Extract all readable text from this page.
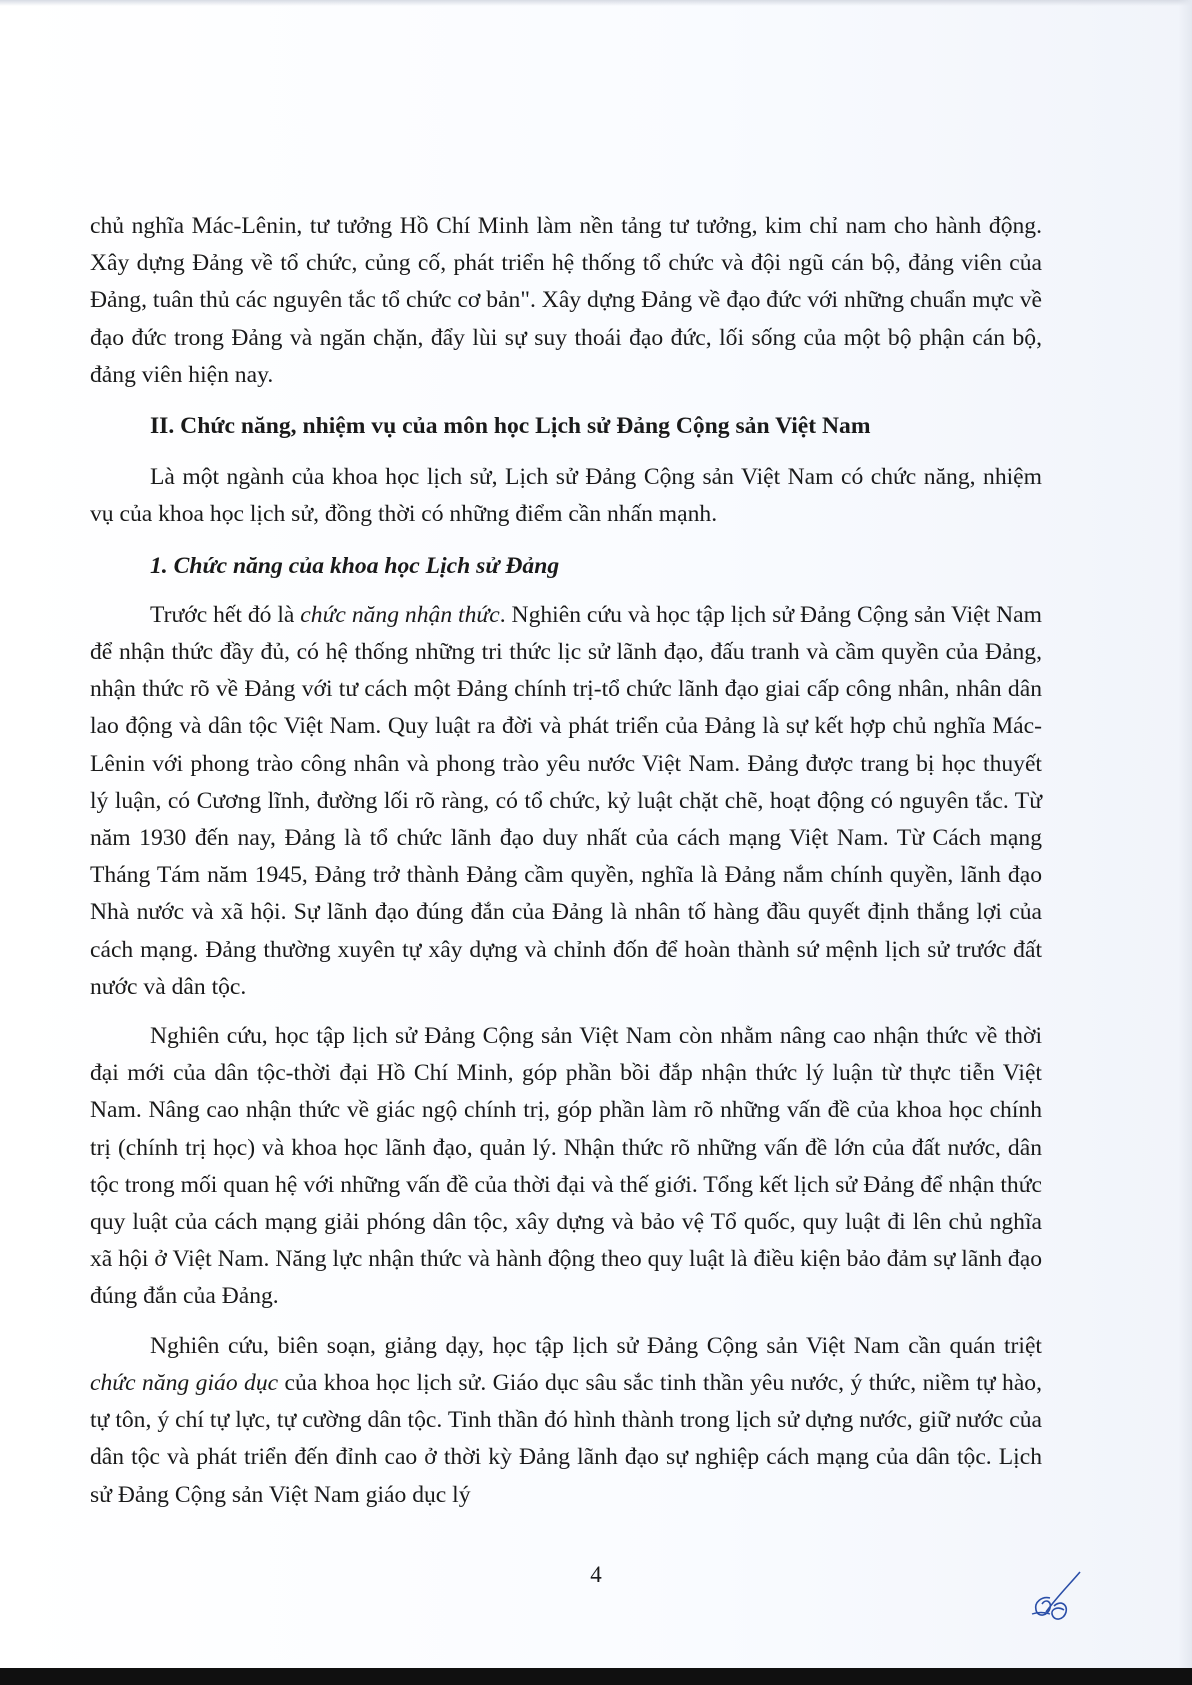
chủ nghĩa Mác-Lênin, tư tưởng Hồ Chí Minh làm nền tảng tư tưởng, kim chỉ nam cho hành động. Xây dựng Đảng về tổ chức, củng cố, phát triển hệ thống tổ chức và đội ngũ cán bộ, đảng viên của Đảng, tuân thủ các nguyên tắc tổ chức cơ bản". Xây dựng Đảng về đạo đức với những chuẩn mực về đạo đức trong Đảng và ngăn chặn, đẩy lùi sự suy thoái đạo đức, lối sống của một bộ phận cán bộ, đảng viên hiện nay.

II. Chức năng, nhiệm vụ của môn học Lịch sử Đảng Cộng sản Việt Nam

Là một ngành của khoa học lịch sử, Lịch sử Đảng Cộng sản Việt Nam có chức năng, nhiệm vụ của khoa học lịch sử, đồng thời có những điểm cần nhấn mạnh.

1. Chức năng của khoa học Lịch sử Đảng

Trước hết đó là chức năng nhận thức. Nghiên cứu và học tập lịch sử Đảng Cộng sản Việt Nam để nhận thức đầy đủ, có hệ thống những tri thức lịc sử lãnh đạo, đấu tranh và cầm quyền của Đảng, nhận thức rõ về Đảng với tư cách một Đảng chính trị-tổ chức lãnh đạo giai cấp công nhân, nhân dân lao động và dân tộc Việt Nam. Quy luật ra đời và phát triển của Đảng là sự kết hợp chủ nghĩa Mác-Lênin với phong trào công nhân và phong trào yêu nước Việt Nam. Đảng được trang bị học thuyết lý luận, có Cương lĩnh, đường lối rõ ràng, có tổ chức, kỷ luật chặt chẽ, hoạt động có nguyên tắc. Từ năm 1930 đến nay, Đảng là tổ chức lãnh đạo duy nhất của cách mạng Việt Nam. Từ Cách mạng Tháng Tám năm 1945, Đảng trở thành Đảng cầm quyền, nghĩa là Đảng nắm chính quyền, lãnh đạo Nhà nước và xã hội. Sự lãnh đạo đúng đắn của Đảng là nhân tố hàng đầu quyết định thắng lợi của cách mạng. Đảng thường xuyên tự xây dựng và chỉnh đốn để hoàn thành sứ mệnh lịch sử trước đất nước và dân tộc.

Nghiên cứu, học tập lịch sử Đảng Cộng sản Việt Nam còn nhằm nâng cao nhận thức về thời đại mới của dân tộc-thời đại Hồ Chí Minh, góp phần bồi đắp nhận thức lý luận từ thực tiễn Việt Nam. Nâng cao nhận thức về giác ngộ chính trị, góp phần làm rõ những vấn đề của khoa học chính trị (chính trị học) và khoa học lãnh đạo, quản lý. Nhận thức rõ những vấn đề lớn của đất nước, dân tộc trong mối quan hệ với những vấn đề của thời đại và thế giới. Tổng kết lịch sử Đảng để nhận thức quy luật của cách mạng giải phóng dân tộc, xây dựng và bảo vệ Tổ quốc, quy luật đi lên chủ nghĩa xã hội ở Việt Nam. Năng lực nhận thức và hành động theo quy luật là điều kiện bảo đảm sự lãnh đạo đúng đắn của Đảng.

Nghiên cứu, biên soạn, giảng dạy, học tập lịch sử Đảng Cộng sản Việt Nam cần quán triệt chức năng giáo dục của khoa học lịch sử. Giáo dục sâu sắc tinh thần yêu nước, ý thức, niềm tự hào, tự tôn, ý chí tự lực, tự cường dân tộc. Tinh thần đó hình thành trong lịch sử dựng nước, giữ nước của dân tộc và phát triển đến đỉnh cao ở thời kỳ Đảng lãnh đạo sự nghiệp cách mạng của dân tộc. Lịch sử Đảng Cộng sản Việt Nam giáo dục lý

4
